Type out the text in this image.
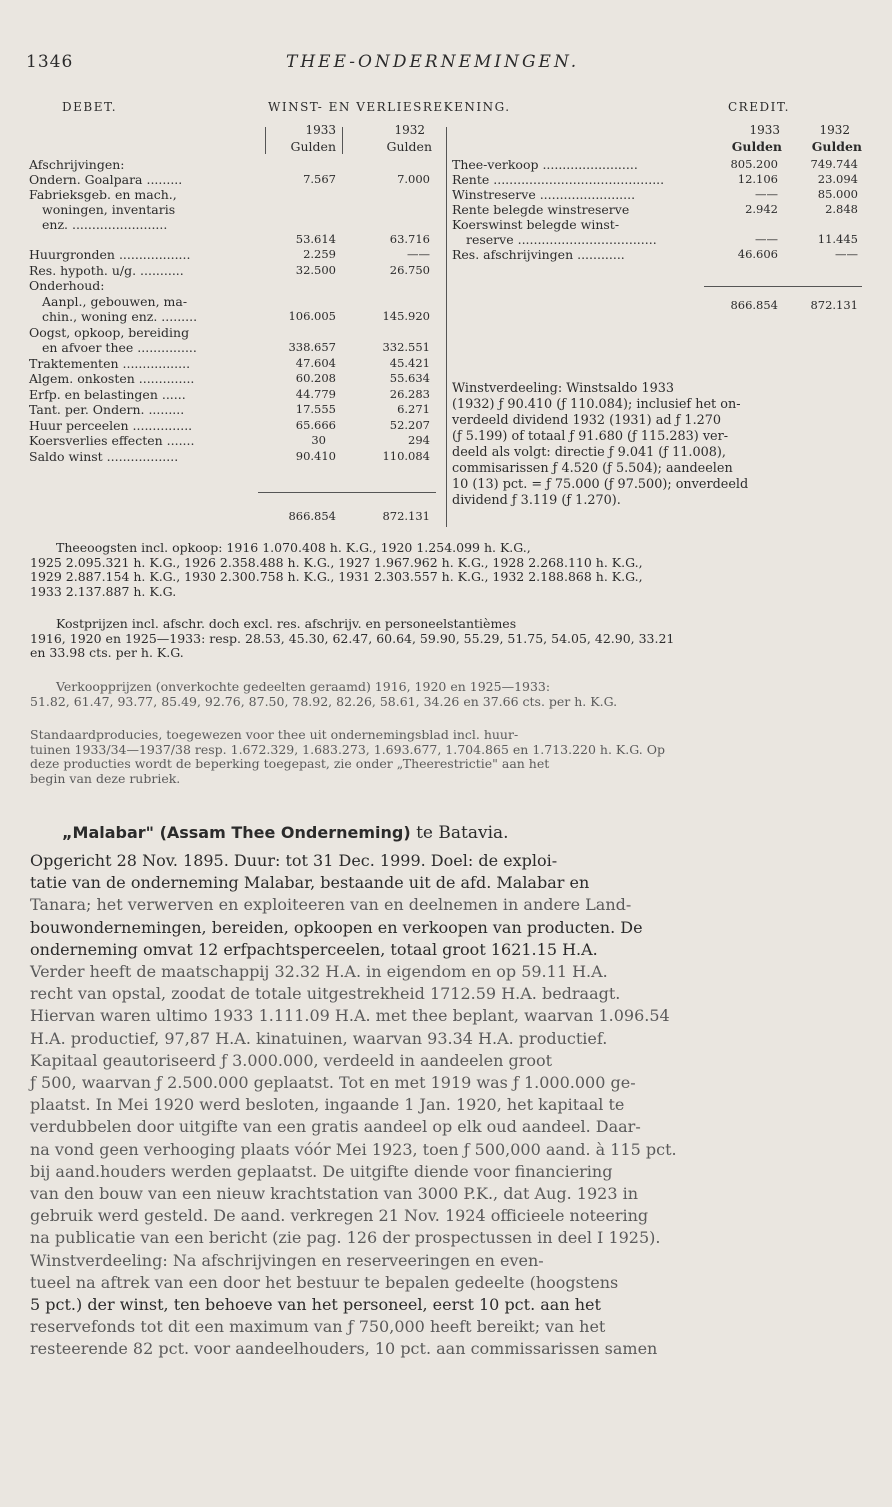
1346	THEE-ONDERNEMINGEN.
DEBET.	WINST- EN VERLIESREKENING.	CREDIT.
1933	1932
Gulden	Gulden
1933	1932
Gulden	Gulden
Afschrijvingen:
Ondern. Goalpara .........	7.567	7.000
Fabrieksgeb. en mach.,
woningen, inventaris
enz. ........................
53.614	63.716
Huurgronden ..................	2.259	——
Res. hypoth. u/g. ...........	32.500	26.750
Onderhoud:
Aanpl., gebouwen, ma-
chin., woning enz. .........	106.005	145.920
Oogst, opkoop, bereiding
en afvoer thee ...............	338.657	332.551
Traktementen .................	47.604	45.421
Algem. onkosten ..............	60.208	55.634
Erfp. en belastingen ......	44.779	26.283
Tant. per. Ondern. .........	17.555	6.271
Huur perceelen ...............	65.666	52.207
Koersverlies effecten .......	30	294
Saldo winst ..................	90.410	110.084
866.854	872.131
Thee-verkoop ........................	805.200	749.744
Rente ...........................................	12.106	23.094
Winstreserve ........................	——	85.000
Rente belegde winstreserve	2.942	2.848
Koerswinst belegde winst-
reserve ...................................	——	11.445
Res. afschrijvingen ............	46.606	——
866.854	872.131
Winstverdeeling: Winstsaldo 1933
(1932) ƒ 90.410 (ƒ 110.084); inclusief het on-
verdeeld dividend 1932 (1931) ad ƒ 1.270
(ƒ 5.199) of totaal ƒ 91.680 (ƒ 115.283) ver-
deeld als volgt: directie ƒ 9.041 (ƒ 11.008),
commisarissen ƒ 4.520 (ƒ 5.504); aandeelen
10 (13) pct. = ƒ 75.000 (ƒ 97.500); onverdeeld
dividend ƒ 3.119 (ƒ 1.270).
Theeoogsten incl. opkoop: 1916 1.070.408 h. K.G., 1920 1.254.099 h. K.G.,
1925 2.095.321 h. K.G., 1926 2.358.488 h. K.G., 1927 1.967.962 h. K.G., 1928 2.268.110 h. K.G.,
1929 2.887.154 h. K.G., 1930 2.300.758 h. K.G., 1931 2.303.557 h. K.G., 1932 2.188.868 h. K.G.,
1933 2.137.887 h. K.G.
Kostprijzen incl. afschr. doch excl. res. afschrijv. en personeelstantièmes
1916, 1920 en 1925—1933: resp. 28.53, 45.30, 62.47, 60.64, 59.90, 55.29, 51.75, 54.05, 42.90, 33.21
en 33.98 cts. per h. K.G.
Verkoopprijzen (onverkochte gedeelten geraamd) 1916, 1920 en 1925—1933:
51.82, 61.47, 93.77, 85.49, 92.76, 87.50, 78.92, 82.26, 58.61, 34.26 en 37.66 cts. per h. K.G.
Standaardproducies, toegewezen voor thee uit ondernemingsblad incl. huur-
tuinen 1933/34—1937/38 resp. 1.672.329, 1.683.273, 1.693.677, 1.704.865 en 1.713.220 h. K.G. Op
deze producties wordt de beperking toegepast, zie onder „Theerestrictie" aan het
begin van deze rubriek.
„Malabar" (Assam Thee Onderneming) te Batavia.
Opgericht 28 Nov. 1895. Duur: tot 31 Dec. 1999. Doel: de exploi-
tatie van de onderneming Malabar, bestaande uit de afd. Malabar en
Tanara; het verwerven en exploiteeren van en deelnemen in andere Land-
bouwondernemingen, bereiden, opkoopen en verkoopen van producten. De
onderneming omvat 12 erfpachtsperceelen, totaal groot 1621.15 H.A.
Verder heeft de maatschappij 32.32 H.A. in eigendom en op 59.11 H.A.
recht van opstal, zoodat de totale uitgestrekheid 1712.59 H.A. bedraagt.
Hiervan waren ultimo 1933 1.111.09 H.A. met thee beplant, waarvan 1.096.54
H.A. productief, 97,87 H.A. kinatuinen, waarvan 93.34 H.A. productief.
Kapitaal geautoriseerd ƒ 3.000.000, verdeeld in aandeelen groot
ƒ 500, waarvan ƒ 2.500.000 geplaatst. Tot en met 1919 was ƒ 1.000.000 ge-
plaatst. In Mei 1920 werd besloten, ingaande 1 Jan. 1920, het kapitaal te
verdubbelen door uitgifte van een gratis aandeel op elk oud aandeel. Daar-
na vond geen verhooging plaats vóór Mei 1923, toen ƒ 500,000 aand. à 115 pct.
bij aand.houders werden geplaatst. De uitgifte diende voor financiering
van den bouw van een nieuw krachtstation van 3000 P.K., dat Aug. 1923 in
gebruik werd gesteld. De aand. verkregen 21 Nov. 1924 officieele noteering
na publicatie van een bericht (zie pag. 126 der prospectussen in deel I 1925).
Winstverdeeling: Na afschrijvingen en reserveeringen en even-
tueel na aftrek van een door het bestuur te bepalen gedeelte (hoogstens
5 pct.) der winst, ten behoeve van het personeel, eerst 10 pct. aan het
reservefonds tot dit een maximum van ƒ 750,000 heeft bereikt; van het
resteerende 82 pct. voor aandeelhouders, 10 pct. aan commissarissen samen
